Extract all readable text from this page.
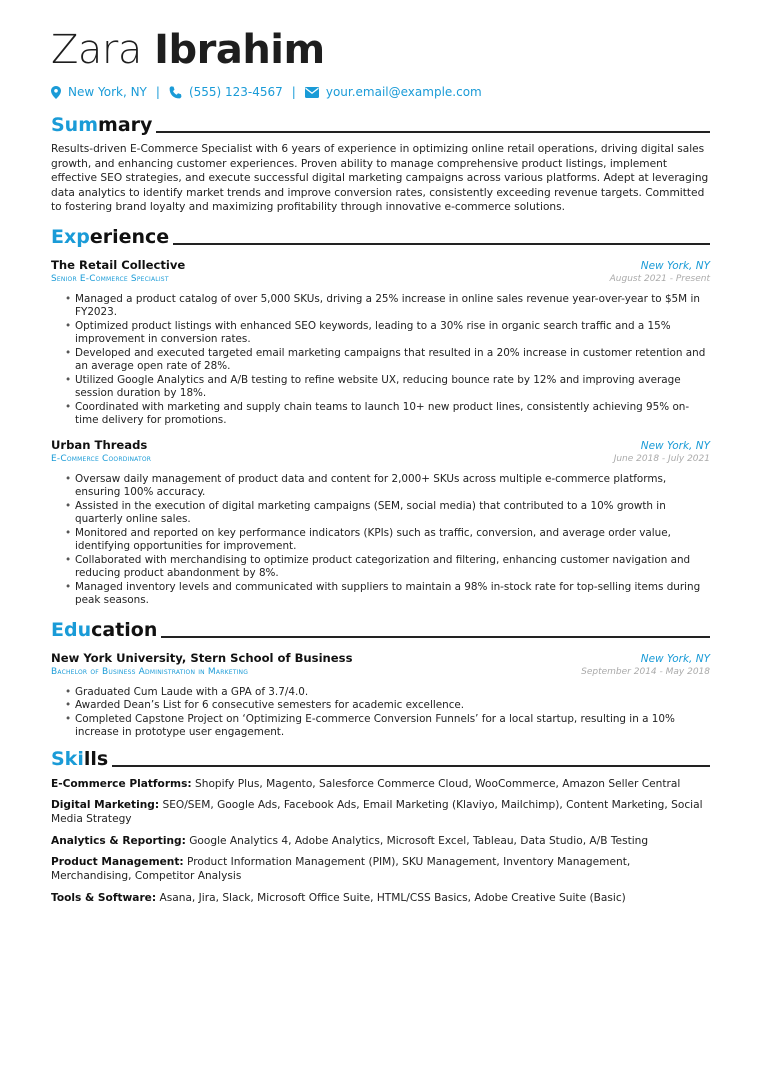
Zara Ibrahim
New York, NY | (555) 123-4567 |	your.email@example.com
Summary
Results-driven E-Commerce Specialist with 6 years of experience in optimizing online retail operations, driving digital sales growth, and enhancing customer experiences. Proven ability to manage comprehensive product listings, implement effective SEO strategies, and execute successful digital marketing campaigns across various platforms. Adept at leveraging data analytics to identify market trends and improve conversion rates, consistently exceeding revenue targets. Committed to fostering brand loyalty and maximizing profitability through innovative e-commerce solutions.
Experience
The Retail Collective	New York, NY
Senior E-Commerce Specialist	August 2021 - Present
• Managed a product catalog of over 5,000 SKUs, driving a 25% increase in online sales revenue year-over-year to $5M in FY2023.
• Optimized product listings with enhanced SEO keywords, leading to a 30% rise in organic search traffic and a 15% improvement in conversion rates.
• Developed and executed targeted email marketing campaigns that resulted in a 20% increase in customer retention and an average open rate of 28%.
• Utilized Google Analytics and A/B testing to refine website UX, reducing bounce rate by 12% and improving average session duration by 18%.
• Coordinated with marketing and supply chain teams to launch 10+ new product lines, consistently achieving 95% on-time delivery for promotions.
Urban Threads	New York, NY
E-Commerce Coordinator	June 2018 - July 2021
• Oversaw daily management of product data and content for 2,000+ SKUs across multiple e-commerce platforms, ensuring 100% accuracy.
• Assisted in the execution of digital marketing campaigns (SEM, social media) that contributed to a 10% growth in quarterly online sales.
• Monitored and reported on key performance indicators (KPIs) such as traffic, conversion, and average order value, identifying opportunities for improvement.
• Collaborated with merchandising to optimize product categorization and filtering, enhancing customer navigation and reducing product abandonment by 8%.
• Managed inventory levels and communicated with suppliers to maintain a 98% in-stock rate for top-selling items during peak seasons.
Education
New York University, Stern School of Business	New York, NY
Bachelor of Business Administration in Marketing	September 2014 - May 2018
• Graduated Cum Laude with a GPA of 3.7/4.0.
• Awarded Dean’s List for 6 consecutive semesters for academic excellence.
• Completed Capstone Project on ‘Optimizing E-commerce Conversion Funnels’ for a local startup, resulting in a 10% increase in prototype user engagement.
Skills
E-Commerce Platforms: Shopify Plus, Magento, Salesforce Commerce Cloud, WooCommerce, Amazon Seller Central
Digital Marketing: SEO/SEM, Google Ads, Facebook Ads, Email Marketing (Klaviyo, Mailchimp), Content Marketing, Social Media Strategy
Analytics & Reporting: Google Analytics 4, Adobe Analytics, Microsoft Excel, Tableau, Data Studio, A/B Testing
Product Management: Product Information Management (PIM), SKU Management, Inventory Management, Merchandising, Competitor Analysis
Tools & Software: Asana, Jira, Slack, Microsoft Office Suite, HTML/CSS Basics, Adobe Creative Suite (Basic)
